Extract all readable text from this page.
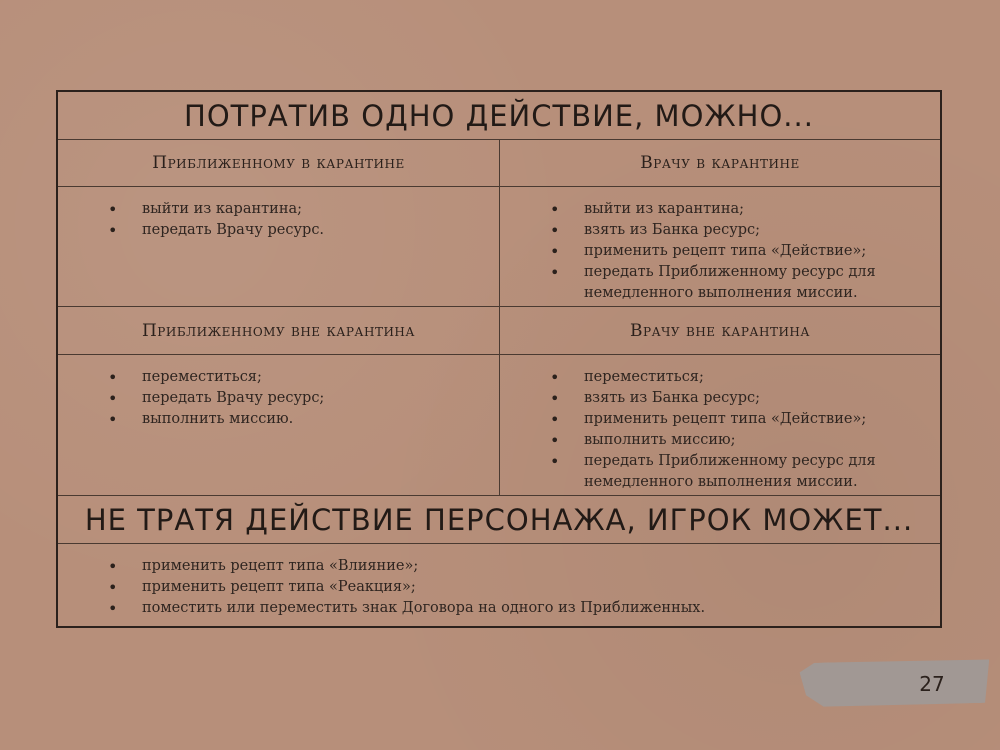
ПОТРАТИВ ОДНО ДЕЙСТВИЕ, МОЖНО...
Приближенному в карантине	Врачу в карантине
• выйти из карантина;
• передать Врачу ресурс.
• выйти из карантина;
• взять из Банка ресурс;
• применить рецепт типа «Действие»;
• передать Приближенному ресурс для
немедленного выполнения миссии.
Приближенному вне карантина	Врачу вне карантина
• переместиться;
• передать Врачу ресурс;
• выполнить миссию.
• переместиться;
• взять из Банка ресурс;
• применить рецепт типа «Действие»;
• выполнить миссию;
• передать Приближенному ресурс для
немедленного выполнения миссии.
НЕ ТРАТЯ ДЕЙСТВИЕ ПЕРСОНАЖА, ИГРОК МОЖЕТ...
• применить рецепт типа «Влияние»;
• применить рецепт типа «Реакция»;
• поместить или переместить знак Договора на одного из Приближенных.
27
